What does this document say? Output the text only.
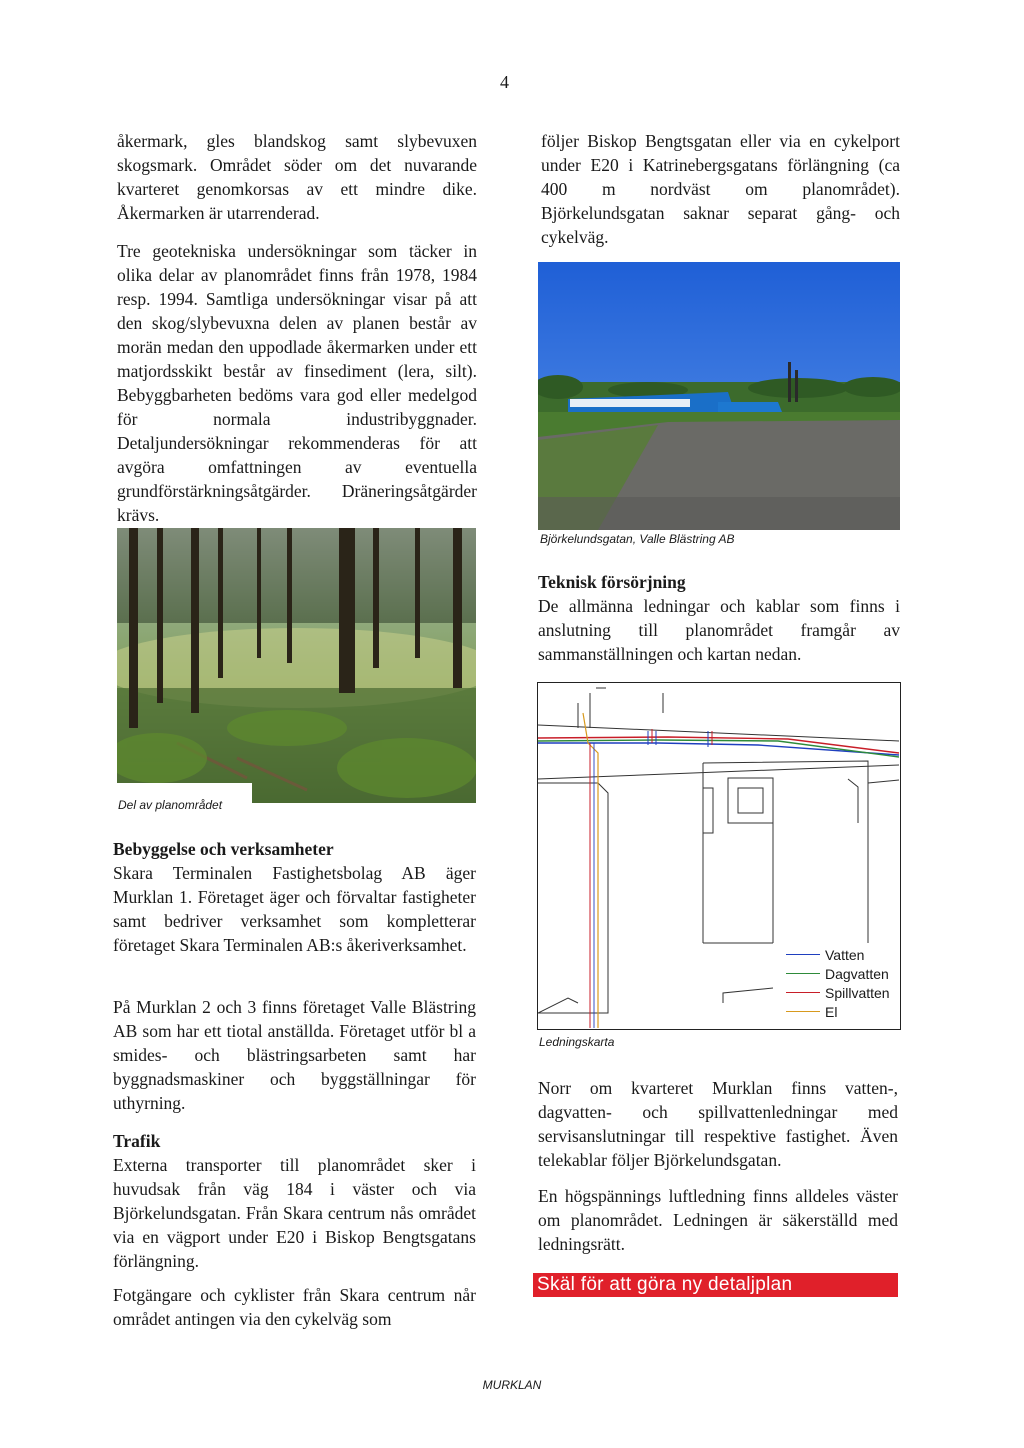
4

åkermark, gles blandskog samt slybevuxen skogsmark. Området söder om det nuvarande kvarteret genomkorsas av ett mindre dike. Åkermarken är utarrenderad.

Tre geotekniska undersökningar som täcker in olika delar av planområdet finns från 1978, 1984 resp. 1994. Samtliga undersökningar visar på att den skog/slybevuxna delen av planen består av morän medan den uppodlade åkermarken under ett matjordsskikt består av finsediment (lera, silt). Bebyggbarheten bedöms vara god eller medelgod för normala industribyggnader. Detaljundersökningar rekommenderas för att avgöra omfattningen av eventuella grundförstärkningsåtgärder. Dräneringsåtgärder krävs.

Del av planområdet

Bebyggelse och verksamheter

Skara Terminalen Fastighetsbolag AB äger Murklan 1. Företaget äger och förvaltar fastigheter samt bedriver verksamhet som kompletterar företaget Skara Terminalen AB:s åkeriverksamhet.

På Murklan 2 och 3 finns företaget Valle Blästring AB som har ett tiotal anställda. Företaget utför bl a smides- och blästringsarbeten samt har byggnadsmaskiner och byggställningar för uthyrning.

Trafik

Externa transporter till planområdet sker i huvudsak från väg 184 i väster och via Björkelundsgatan. Från Skara centrum nås området via en vägport under E20 i Biskop Bengtsgatans förlängning.

Fotgängare och cyklister från Skara centrum når området antingen via den cykelväg som

följer Biskop Bengtsgatan eller via en cykelport under E20 i Katrinebergsgatans förlängning (ca 400 m nordväst om planområdet). Björkelundsgatan saknar separat gång- och cykelväg.

Björkelundsgatan, Valle Blästring AB

Teknisk försörjning

De allmänna ledningar och kablar som finns i anslutning till planområdet framgår av sammanställningen och kartan nedan.

Vatten
Dagvatten
Spillvatten
El
Ledningskarta

Norr om kvarteret Murklan finns vatten-, dagvatten- och spillvattenledningar med servisanslutningar till respektive fastighet. Även telekablar följer Björkelundsgatan.

En högspännings luftledning finns alldeles väster om planområdet. Ledningen är säkerställd med ledningsrätt.

Skäl för att göra ny detaljplan
MURKLAN
